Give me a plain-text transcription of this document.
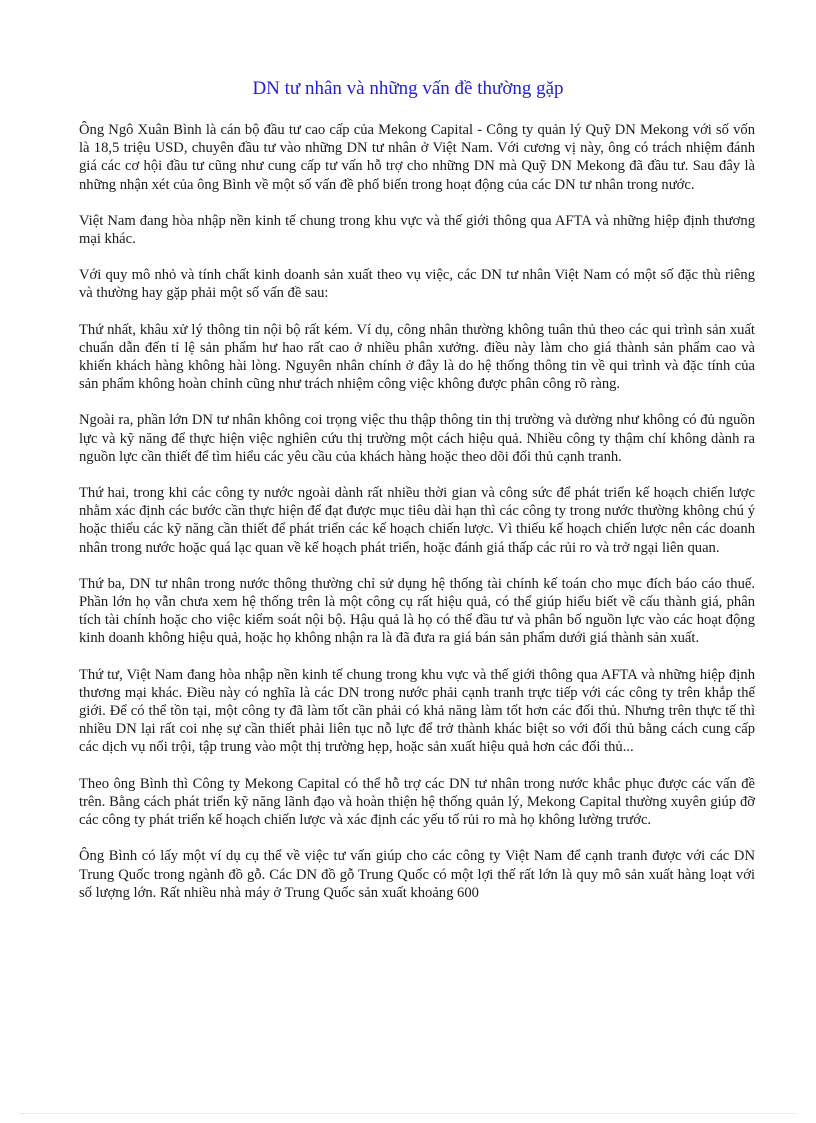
DN tư nhân và những vấn đề thường gặp

Ông Ngô Xuân Bình là cán bộ đầu tư cao cấp của Mekong Capital - Công ty quản lý Quỹ DN Mekong với số vốn là 18,5 triệu USD, chuyên đầu tư vào những DN tư nhân ở Việt Nam. Với cương vị này, ông có trách nhiệm đánh giá các cơ hội đầu tư cũng như cung cấp tư vấn hỗ trợ cho những DN mà Quỹ DN Mekong đã đầu tư. Sau đây là những nhận xét của ông Bình về một số vấn đề phổ biến trong hoạt động của các DN tư nhân trong nước.

Việt Nam đang hòa nhập nền kinh tế chung trong khu vực và thế giới thông qua AFTA và những hiệp định thương mại khác.

Với quy mô nhỏ và tính chất kinh doanh sản xuất theo vụ việc, các DN tư nhân Việt Nam có một số đặc thù riêng và thường hay gặp phải một số vấn đề sau:

Thứ nhất, khâu xử lý thông tin nội bộ rất kém. Ví dụ, công nhân thường không tuân thủ theo các qui trình sản xuất chuẩn dẫn đến tỉ lệ sản phẩm hư hao rất cao ở nhiều phân xưởng. điều này làm cho giá thành sản phẩm cao và khiến khách hàng không hài lòng. Nguyên nhân chính ở đây là do hệ thống thông tin về qui trình và đặc tính của sản phẩm không hoàn chỉnh cũng như trách nhiệm công việc không được phân công rõ ràng.

Ngoài ra, phần lớn DN tư nhân không coi trọng việc thu thập thông tin thị trường và dường như không có đủ nguồn lực và kỹ năng để thực hiện việc nghiên cứu thị trường một cách hiệu quả. Nhiều công ty thậm chí không dành ra nguồn lực cần thiết để tìm hiểu các yêu cầu của khách hàng hoặc theo dõi đối thủ cạnh tranh.

Thứ hai, trong khi các công ty nước ngoài dành rất nhiều thời gian và công sức để phát triển kế hoạch chiến lược nhằm xác định các bước cần thực hiện để đạt được mục tiêu dài hạn thì các công ty trong nước thường không chú ý hoặc thiếu các kỹ năng cần thiết để phát triển các kế hoạch chiến lược. Vì thiếu kế hoạch chiến lược nên các doanh nhân trong nước hoặc quá lạc quan về kế hoạch phát triển, hoặc đánh giá thấp các rủi ro và trở ngại liên quan.

Thứ ba, DN tư nhân trong nước thông thường chỉ sử dụng hệ thống tài chính kế toán cho mục đích báo cáo thuế. Phần lớn họ vẫn chưa xem hệ thống trên là một công cụ rất hiệu quả, có thể giúp hiểu biết về cấu thành giá, phân tích tài chính hoặc cho việc kiểm soát nội bộ. Hậu quả là họ có thể đầu tư và phân bố nguồn lực vào các hoạt động kinh doanh không hiệu quả, hoặc họ không nhận ra là đã đưa ra giá bán sản phẩm dưới giá thành sản xuất.

Thứ tư, Việt Nam đang hòa nhập nền kinh tế chung trong khu vực và thế giới thông qua AFTA và những hiệp định thương mại khác. Điều này có nghĩa là các DN trong nước phải cạnh tranh trực tiếp với các công ty trên khắp thế giới. Để có thể tồn tại, một công ty đã làm tốt cần phải có khả năng làm tốt hơn các đối thủ. Nhưng trên thực tế thì nhiều DN lại rất coi nhẹ sự cần thiết phải liên tục nỗ lực để trở thành khác biệt so với đối thủ bằng cách cung cấp các dịch vụ nổi trội, tập trung vào một thị trường hẹp, hoặc sản xuất hiệu quả hơn các đối thủ...

Theo ông Bình thì Công ty Mekong Capital có thể hỗ trợ các DN tư nhân trong nước khắc phục được các vấn đề trên. Bằng cách phát triển kỹ năng lãnh đạo và hoàn thiện hệ thống quản lý, Mekong Capital thường xuyên giúp đỡ các công ty phát triển kế hoạch chiến lược và xác định các yếu tố rủi ro mà họ không lường trước.

Ông Bình có lấy một ví dụ cụ thể về việc tư vấn giúp cho các công ty Việt Nam để cạnh tranh được với các DN Trung Quốc trong ngành đồ gỗ. Các DN đồ gỗ Trung Quốc có một lợi thế rất lớn là quy mô sản xuất hàng loạt với số lượng lớn. Rất nhiều nhà máy ở Trung Quốc sản xuất khoảng 600
